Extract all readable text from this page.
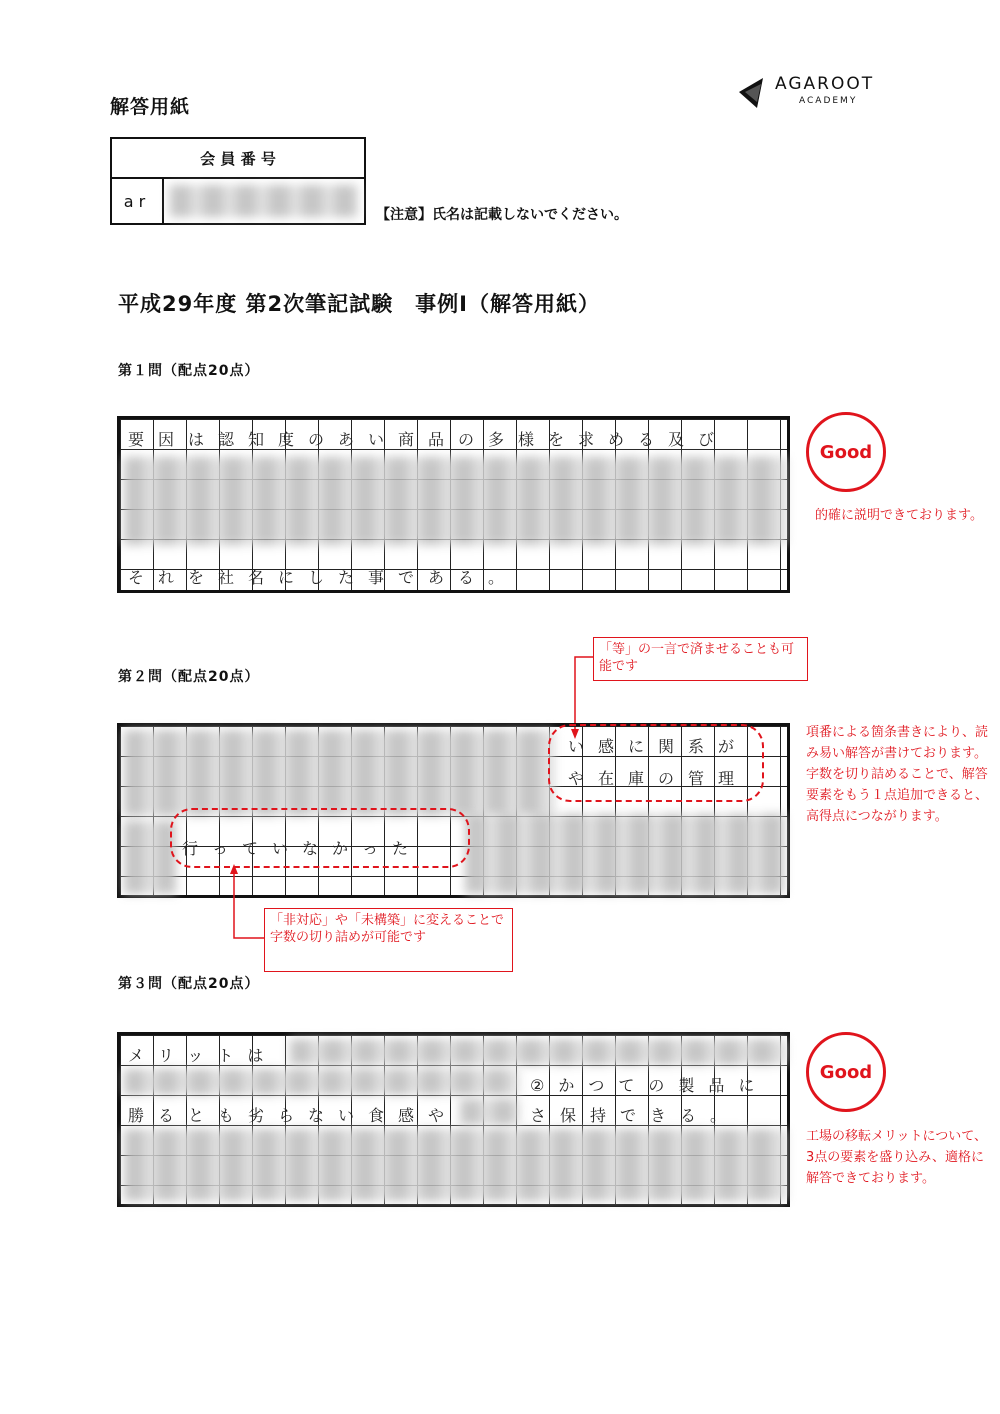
解答用紙
AGAROOT
ACADEMY
会 員 番 号
ar
【注意】氏名は記載しないでください。
平成29年度 第2次筆記試験　事例Ⅰ（解答用紙）
第１問（配点20点）
要因は認知度のあい商品の多様を求める及び
それを社名にした事である。
Good
的確に説明できております。
第２問（配点20点）
「等」の一言で済ませることも可能です
い感に関系が
や在庫の管理
行っていなかった
「非対応」や「未構築」に変えることで字数の切り詰めが可能です
項番による箇条書きにより、読み易い解答が書けております。
字数を切り詰めることで、解答要素をもう１点追加できると、高得点につながります。
第３問（配点20点）
メリットは
②かつての製品に
勝るとも劣らない食感や	さ保持できる。
Good
工場の移転メリットについて、3点の要素を盛り込み、適格に解答できております。
